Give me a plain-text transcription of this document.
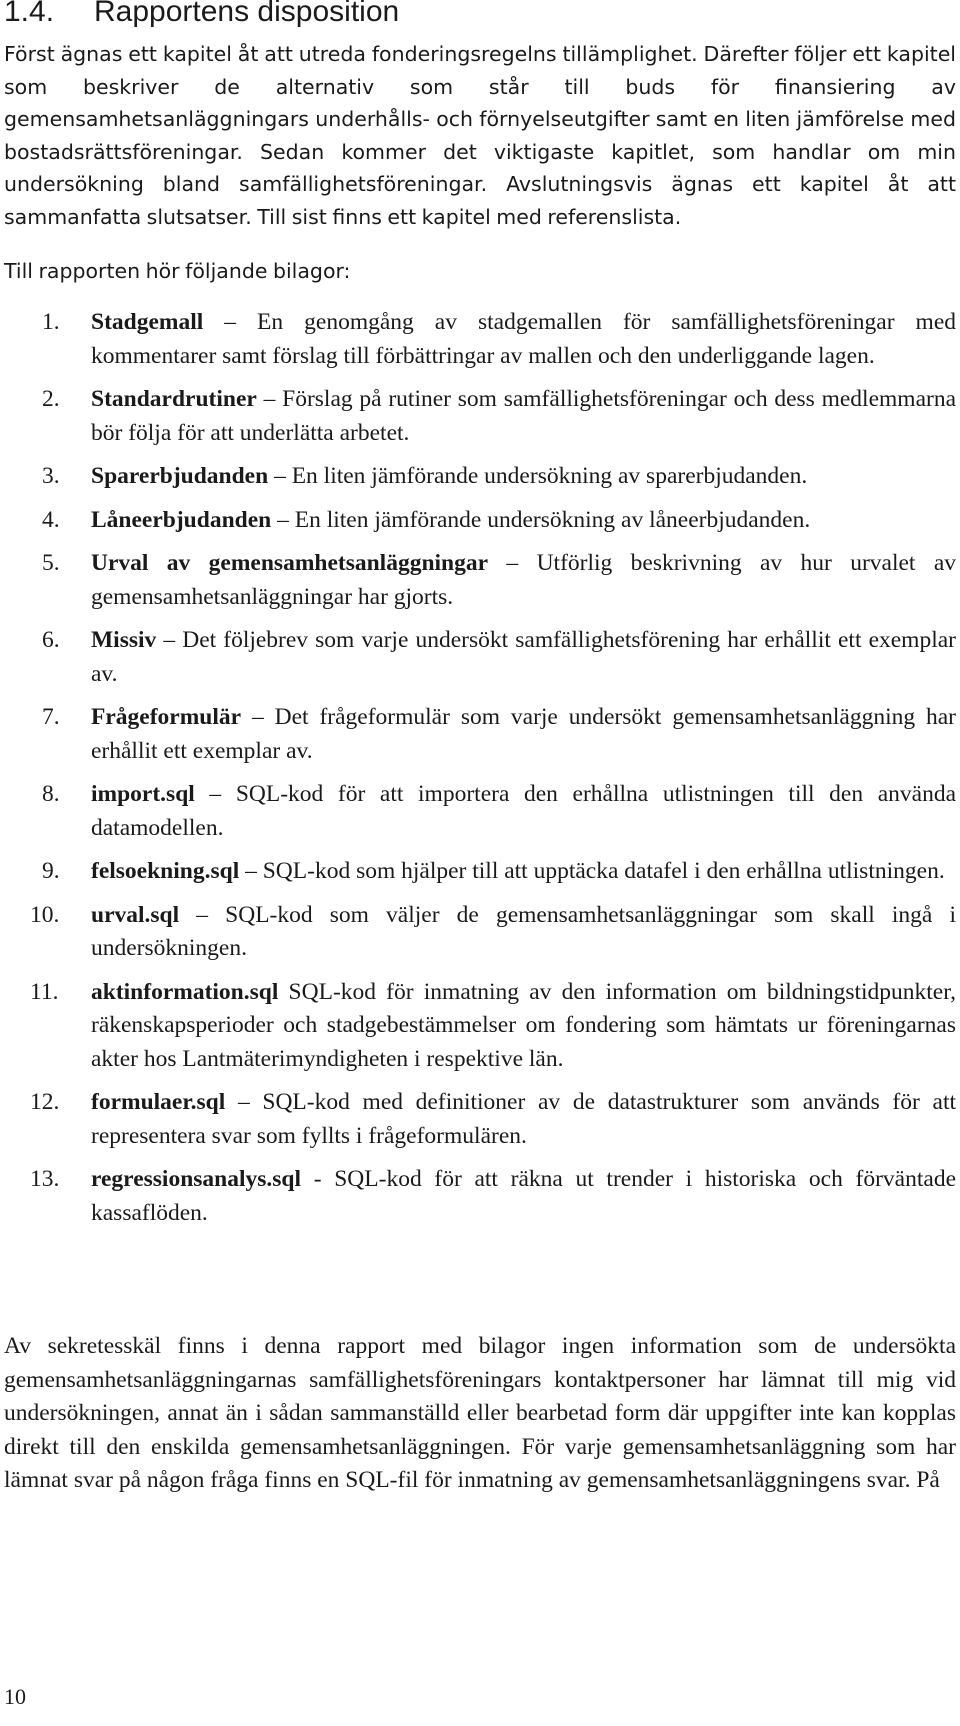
1.4. Rapportens disposition

Först ägnas ett kapitel åt att utreda fonderingsregelns tillämplighet. Därefter följer ett kapitel som beskriver de alternativ som står till buds för finansiering av gemensamhetsanläggningars underhålls- och förnyelseutgifter samt en liten jämförelse med bostadsrättsföreningar. Sedan kommer det viktigaste kapitlet, som handlar om min undersökning bland samfällighetsföreningar. Avslutningsvis ägnas ett kapitel åt att sammanfatta slutsatser. Till sist finns ett kapitel med referenslista.

Till rapporten hör följande bilagor:

1. Stadgemall – En genomgång av stadgemallen för samfällighetsföreningar med kommentarer samt förslag till förbättringar av mallen och den underliggande lagen.
2. Standardrutiner – Förslag på rutiner som samfällighetsföreningar och dess medlemmarna bör följa för att underlätta arbetet.
3. Sparerbjudanden – En liten jämförande undersökning av sparerbjudanden.
4. Låneerbjudanden – En liten jämförande undersökning av låneerbjudanden.
5. Urval av gemensamhetsanläggningar – Utförlig beskrivning av hur urvalet av gemensamhetsanläggningar har gjorts.
6. Missiv – Det följebrev som varje undersökt samfällighetsförening har erhållit ett exemplar av.
7. Frågeformulär – Det frågeformulär som varje undersökt gemensamhetsanläggning har erhållit ett exemplar av.
8. import.sql – SQL-kod för att importera den erhållna utlistningen till den använda datamodellen.
9. felsoekning.sql – SQL-kod som hjälper till att upptäcka datafel i den erhållna utlistningen.
10. urval.sql – SQL-kod som väljer de gemensamhetsanläggningar som skall ingå i undersökningen.
11. aktinformation.sql SQL-kod för inmatning av den information om bildningstidpunkter, räkenskapsperioder och stadgebestämmelser om fondering som hämtats ur föreningarnas akter hos Lantmäterimyndigheten i respektive län.
12. formulaer.sql – SQL-kod med definitioner av de datastrukturer som används för att representera svar som fyllts i frågeformulären.
13. regressionsanalys.sql - SQL-kod för att räkna ut trender i historiska och förväntade kassaflöden.

Av sekretesskäl finns i denna rapport med bilagor ingen information som de undersökta gemensamhetsanläggningarnas samfällighetsföreningars kontaktpersoner har lämnat till mig vid undersökningen, annat än i sådan sammanställd eller bearbetad form där uppgifter inte kan kopplas direkt till den enskilda gemensamhetsanläggningen. För varje gemensamhetsanläggning som har lämnat svar på någon fråga finns en SQL-fil för inmatning av gemensamhetsanläggningens svar. På

10
